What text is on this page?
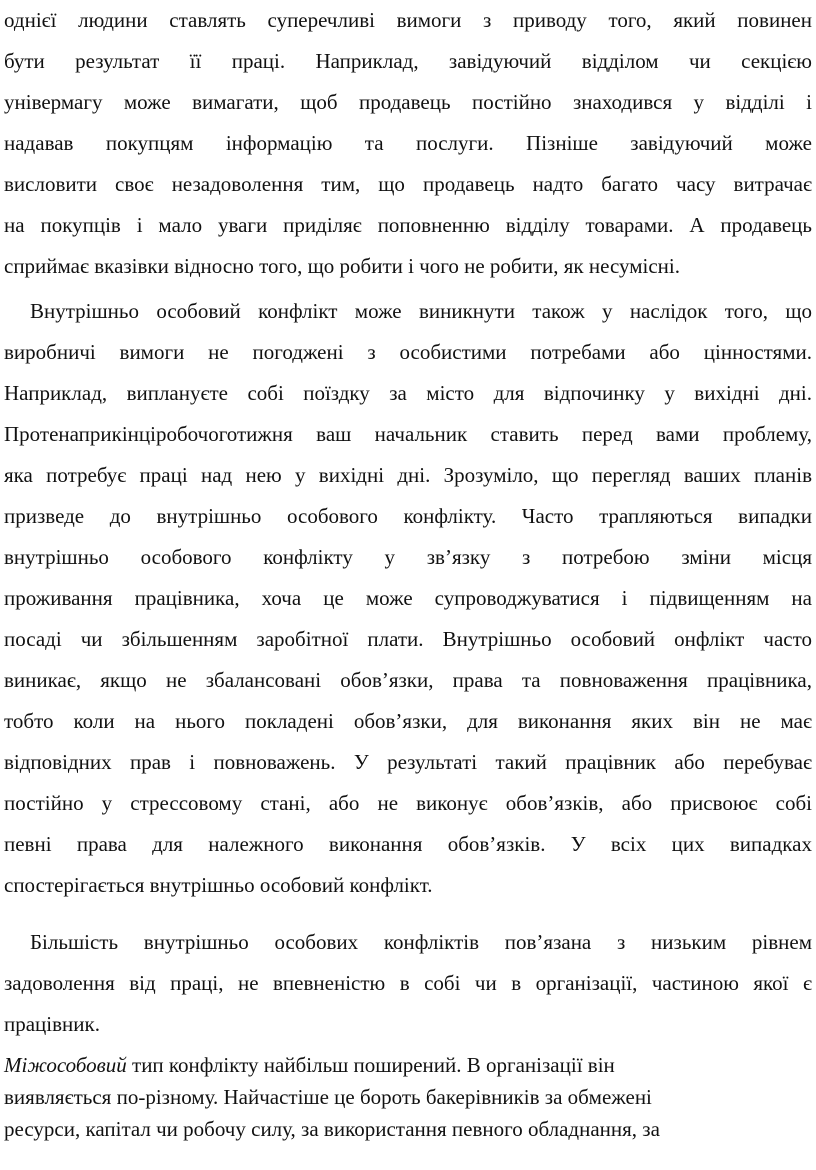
однієї людини ставлять суперечливі вимоги з приводу того, який повинен
бути результат її праці. Наприклад, завідуючий відділом чи секцією
універмагу може вимагати, щоб продавець постійно знаходився у відділі і
надавав покупцям інформацію та послуги. Пізніше завідуючий може
висловити своє незадоволення тим, що продавець надто багато часу витрачає
на покупців і мало уваги приділяє поповненню відділу товарами. А продавець
сприймає вказівки відносно того, що робити і чого не робити, як несумісні.
Внутрішньо особовий конфлікт може виникнути також у наслідок того, що
виробничі вимоги не погоджені з особистими потребами або цінностями.
Наприклад, виплануєте собі поїздку за місто для відпочинку у вихідні дні.
Протенаприкінціробочоготижня ваш начальник ставить перед вами проблему,
яка потребує праці над нею у вихідні дні. Зрозуміло, що перегляд ваших планів
призведе до внутрішньо особового конфлікту. Часто трапляються випадки
внутрішньо особового конфлікту у зв’язку з потребою зміни місця
проживання працівника, хоча це може супроводжуватися і підвищенням на
посаді чи збільшенням заробітної плати. Внутрішньо особовий онфлікт часто
виникає, якщо не збалансовані обов’язки, права та повноваження працівника,
тобто коли на нього покладені обов’язки, для виконання яких він не має
відповідних прав і повноважень. У результаті такий працівник або перебуває
постійно у стрессовому стані, або не виконує обов’язків, або присвоює собі
певні права для належного виконання обов’язків. У всіх цих випадках
спостерігається внутрішньо особовий конфлікт.
Більшість внутрішньо особових конфліктів пов’язана з низьким рівнем
задоволення від праці, не впевненістю в собі чи в організації, частиною якої є
працівник.
Міжособовий тип конфлікту найбільш поширений. В організації він
виявляється по-різному. Найчастіше це бороть бакерівників за обмежені
ресурси, капітал чи робочу силу, за використання певного обладнання, за
